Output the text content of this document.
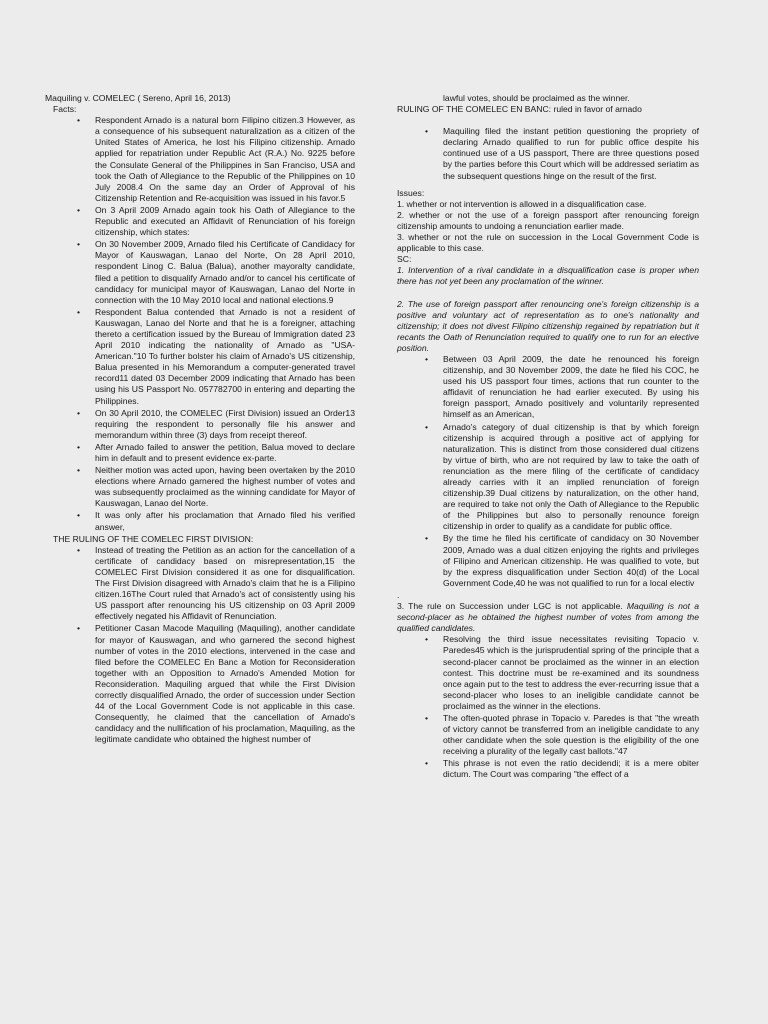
Maquiling v. COMELEC ( Sereno, April 16, 2013)
Facts:
• Respondent Arnado is a natural born Filipino citizen.3 However, as a consequence of his subsequent naturalization as a citizen of the United States of America, he lost his Filipino citizenship. Arnado applied for repatriation under Republic Act (R.A.) No. 9225 before the Consulate General of the Philippines in San Franciso, USA and took the Oath of Allegiance to the Republic of the Philippines on 10 July 2008.4 On the same day an Order of Approval of his Citizenship Retention and Re-acquisition was issued in his favor.5
• On 3 April 2009 Arnado again took his Oath of Allegiance to the Republic and executed an Affidavit of Renunciation of his foreign citizenship, which states:
• On 30 November 2009, Arnado filed his Certificate of Candidacy for Mayor of Kauswagan, Lanao del Norte, On 28 April 2010, respondent Linog C. Balua (Balua), another mayoralty candidate, filed a petition to disqualify Arnado and/or to cancel his certificate of candidacy for municipal mayor of Kauswagan, Lanao del Norte in connection with the 10 May 2010 local and national elections.9
• Respondent Balua contended that Arnado is not a resident of Kauswagan, Lanao del Norte and that he is a foreigner, attaching thereto a certification issued by the Bureau of Immigration dated 23 April 2010 indicating the nationality of Arnado as "USA-American."10 To further bolster his claim of Arnado's US citizenship, Balua presented in his Memorandum a computer-generated travel record11 dated 03 December 2009 indicating that Arnado has been using his US Passport No. 057782700 in entering and departing the Philippines.
• On 30 April 2010, the COMELEC (First Division) issued an Order13 requiring the respondent to personally file his answer and memorandum within three (3) days from receipt thereof.
• After Arnado failed to answer the petition, Balua moved to declare him in default and to present evidence ex-parte.
• Neither motion was acted upon, having been overtaken by the 2010 elections where Arnado garnered the highest number of votes and was subsequently proclaimed as the winning candidate for Mayor of Kauswagan, Lanao del Norte.
• It was only after his proclamation that Arnado filed his verified answer,
THE RULING OF THE COMELEC FIRST DIVISION:
• Instead of treating the Petition as an action for the cancellation of a certificate of candidacy based on misrepresentation,15 the COMELEC First Division considered it as one for disqualification. The First Division disagreed with Arnado's claim that he is a Filipino citizen.16The Court ruled that Arnado's act of consistently using his US passport after renouncing his US citizenship on 03 April 2009 effectively negated his Affidavit of Renunciation.
• Petitioner Casan Macode Maquiling (Maquiling), another candidate for mayor of Kauswagan, and who garnered the second highest number of votes in the 2010 elections, intervened in the case and filed before the COMELEC En Banc a Motion for Reconsideration together with an Opposition to Arnado's Amended Motion for Reconsideration. Maquiling argued that while the First Division correctly disqualified Arnado, the order of succession under Section 44 of the Local Government Code is not applicable in this case. Consequently, he claimed that the cancellation of Arnado's candidacy and the nullification of his proclamation, Maquiling, as the legitimate candidate who obtained the highest number of
lawful votes, should be proclaimed as the winner.
RULING OF THE COMELEC EN BANC: ruled in favor of arnado
• Maquiling filed the instant petition questioning the propriety of declaring Arnado qualified to run for public office despite his continued use of a US passport, There are three questions posed by the parties before this Court which will be addressed seriatim as the subsequent questions hinge on the result of the first.
Issues:

1. whether or not intervention is allowed in a disqualification case.

2. whether or not the use of a foreign passport after renouncing foreign citizenship amounts to undoing a renunciation earlier made.

3. whether or not the rule on succession in the Local Government Code is applicable to this case.

SC:

1. Intervention of a rival candidate in a disqualification case is proper when there has not yet been any proclamation of the winner.

2. The use of foreign passport after renouncing one's foreign citizenship is a positive and voluntary act of representation as to one's nationality and citizenship; it does not divest Filipino citizenship regained by repatriation but it recants the Oath of Renunciation required to qualify one to run for an elective position.

• Between 03 April 2009, the date he renounced his foreign citizenship, and 30 November 2009, the date he filed his COC, he used his US passport four times, actions that run counter to the affidavit of renunciation he had earlier executed. By using his foreign passport, Arnado positively and voluntarily represented himself as an American,
• Arnado's category of dual citizenship is that by which foreign citizenship is acquired through a positive act of applying for naturalization. This is distinct from those considered dual citizens by virtue of birth, who are not required by law to take the oath of renunciation as the mere filing of the certificate of candidacy already carries with it an implied renunciation of foreign citizenship.39 Dual citizens by naturalization, on the other hand, are required to take not only the Oath of Allegiance to the Republic of the Philippines but also to personally renounce foreign citizenship in order to qualify as a candidate for public office.
• By the time he filed his certificate of candidacy on 30 November 2009, Arnado was a dual citizen enjoying the rights and privileges of Filipino and American citizenship. He was qualified to vote, but by the express disqualification under Section 40(d) of the Local Government Code,40 he was not qualified to run for a local electiv
.

3. The rule on Succession under LGC is not applicable. Maquiling is not a second-placer as he obtained the highest number of votes from among the qualified candidates.

• Resolving the third issue necessitates revisiting Topacio v. Paredes45 which is the jurisprudential spring of the principle that a second-placer cannot be proclaimed as the winner in an election contest. This doctrine must be re-examined and its soundness once again put to the test to address the ever-recurring issue that a second-placer who loses to an ineligible candidate cannot be proclaimed as the winner in the elections.
• The often-quoted phrase in Topacio v. Paredes is that "the wreath of victory cannot be transferred from an ineligible candidate to any other candidate when the sole question is the eligibility of the one receiving a plurality of the legally cast ballots."47
• This phrase is not even the ratio decidendi; it is a mere obiter dictum. The Court was comparing "the effect of a
